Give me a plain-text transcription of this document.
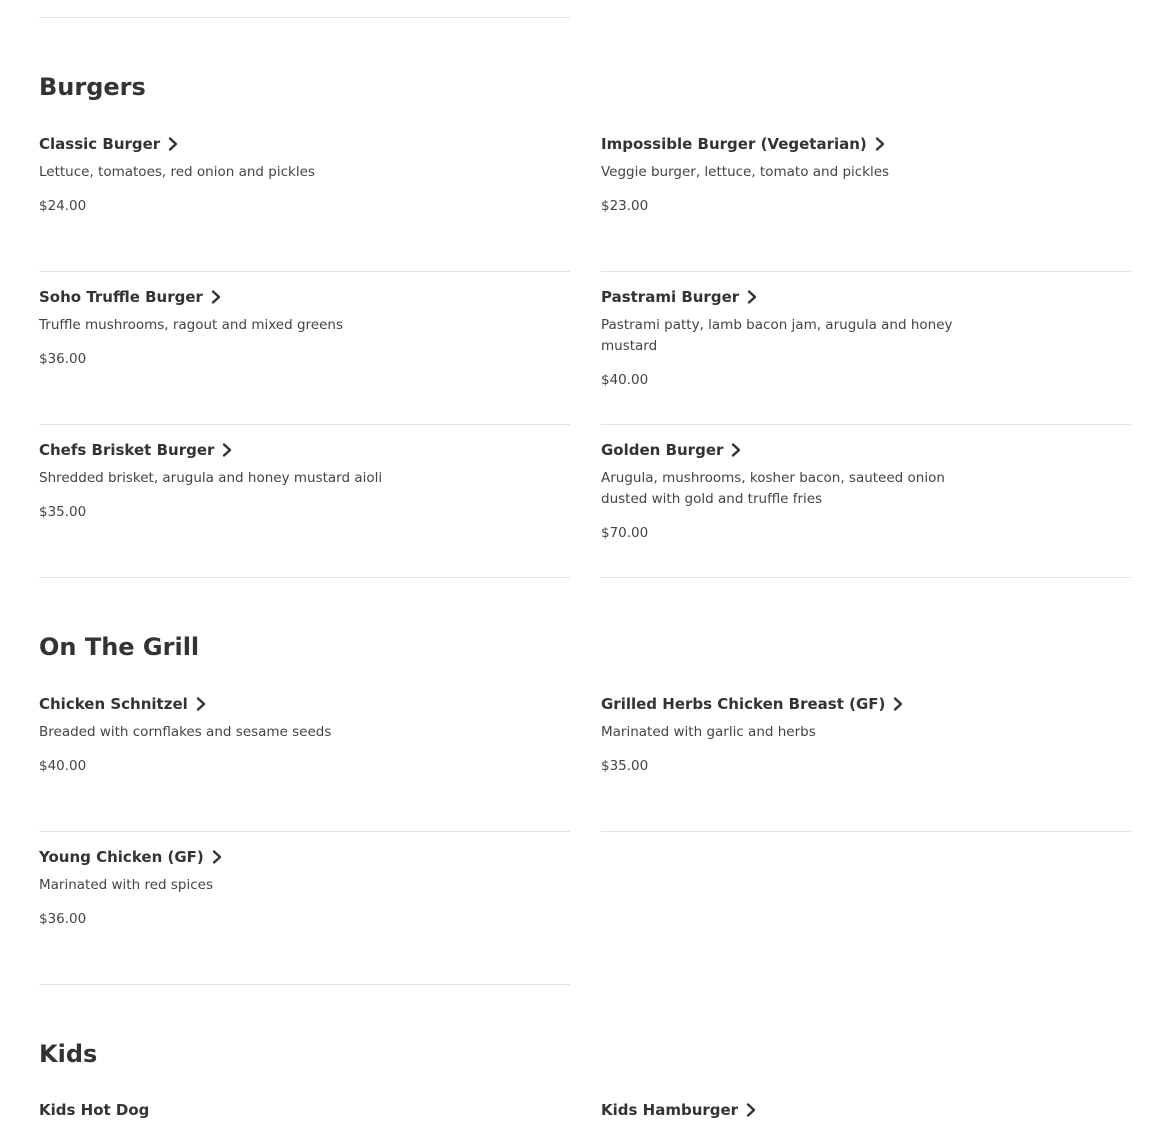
Burgers
Classic Burger
Lettuce, tomatoes, red onion and pickles
$24.00
Impossible Burger (Vegetarian)
Veggie burger, lettuce, tomato and pickles
$23.00
Soho Truffle Burger
Truffle mushrooms, ragout and mixed greens
$36.00
Pastrami Burger
Pastrami patty, lamb bacon jam, arugula and honey mustard
$40.00
Chefs Brisket Burger
Shredded brisket, arugula and honey mustard aioli
$35.00
Golden Burger
Arugula, mushrooms, kosher bacon, sauteed onion dusted with gold and truffle fries
$70.00
On The Grill
Chicken Schnitzel
Breaded with cornflakes and sesame seeds
$40.00
Grilled Herbs Chicken Breast (GF)
Marinated with garlic and herbs
$35.00
Young Chicken (GF)
Marinated with red spices
$36.00
Kids
Kids Hot Dog	Kids Hamburger
